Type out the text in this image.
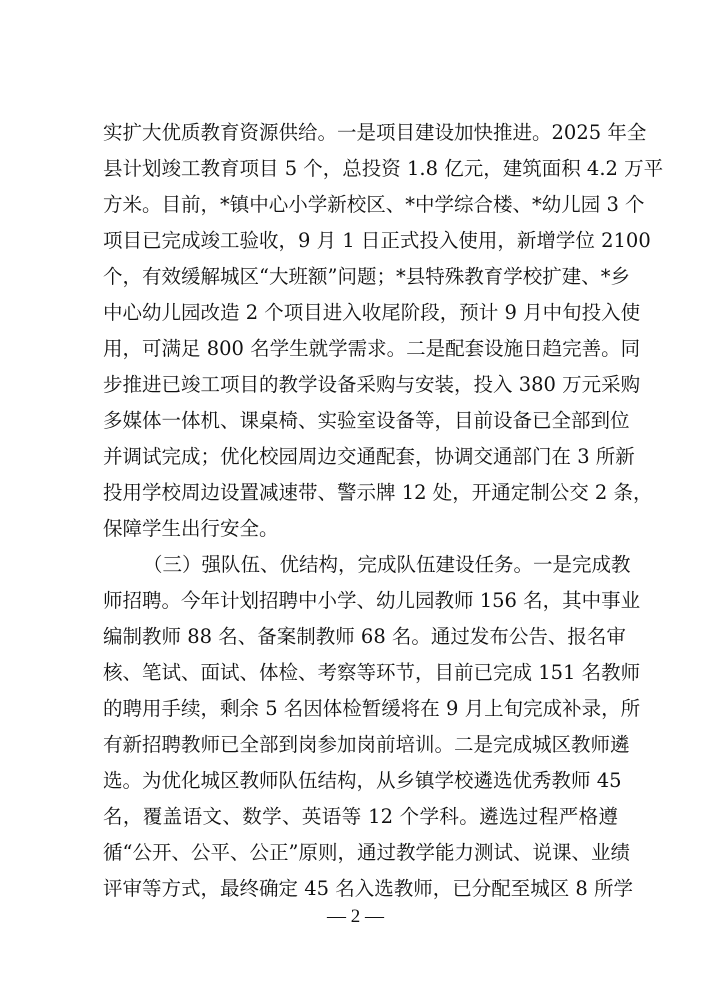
实扩大优质教育资源供给。一是项目建设加快推进。2025 年全
县计划竣工教育项目 5 个，总投资 1.8 亿元，建筑面积 4.2 万平
方米。目前，*镇中心小学新校区、*中学综合楼、*幼儿园 3 个
项目已完成竣工验收，9 月 1 日正式投入使用，新增学位 2100
个，有效缓解城区“大班额”问题；*县特殊教育学校扩建、*乡
中心幼儿园改造 2 个项目进入收尾阶段，预计 9 月中旬投入使
用，可满足 800 名学生就学需求。二是配套设施日趋完善。同
步推进已竣工项目的教学设备采购与安装，投入 380 万元采购
多媒体一体机、课桌椅、实验室设备等，目前设备已全部到位
并调试完成；优化校园周边交通配套，协调交通部门在 3 所新
投用学校周边设置减速带、警示牌 12 处，开通定制公交 2 条，
保障学生出行安全。
（三）强队伍、优结构，完成队伍建设任务。一是完成教
师招聘。今年计划招聘中小学、幼儿园教师 156 名，其中事业
编制教师 88 名、备案制教师 68 名。通过发布公告、报名审
核、笔试、面试、体检、考察等环节，目前已完成 151 名教师
的聘用手续，剩余 5 名因体检暂缓将在 9 月上旬完成补录，所
有新招聘教师已全部到岗参加岗前培训。二是完成城区教师遴
选。为优化城区教师队伍结构，从乡镇学校遴选优秀教师 45
名，覆盖语文、数学、英语等 12 个学科。遴选过程严格遵
循“公开、公平、公正”原则，通过教学能力测试、说课、业绩
评审等方式，最终确定 45 名入选教师，已分配至城区 8 所学
— 2 —
